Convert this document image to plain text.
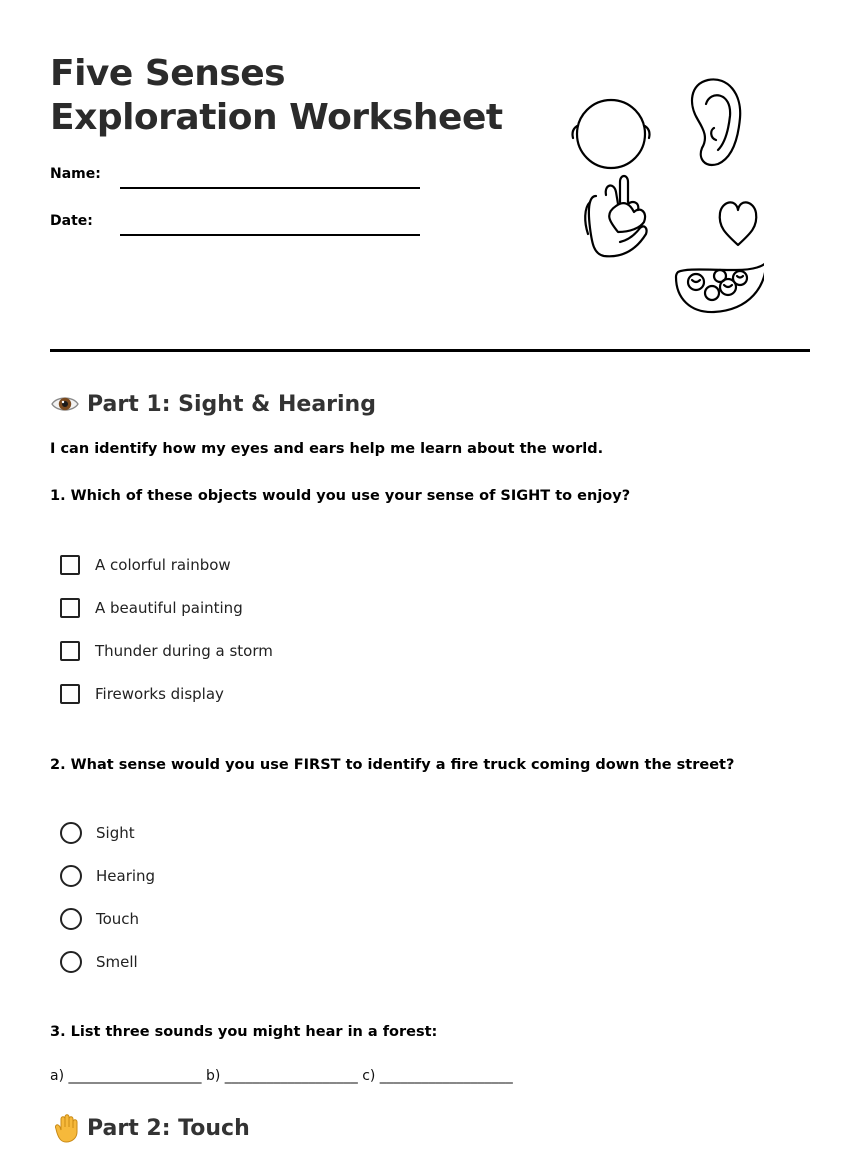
Five Senses Exploration Worksheet
Name:
Date:
Part 1: Sight & Hearing

I can identify how my eyes and ears help me learn about the world.

1. Which of these objects would you use your sense of SIGHT to enjoy?

A colorful rainbow
A beautiful painting
Thunder during a storm
Fireworks display

2. What sense would you use FIRST to identify a fire truck coming down the street?

Sight
Hearing
Touch
Smell

3. List three sounds you might hear in a forest:

a) ___________________ b) ___________________ c) ___________________

Part 2: Touch
